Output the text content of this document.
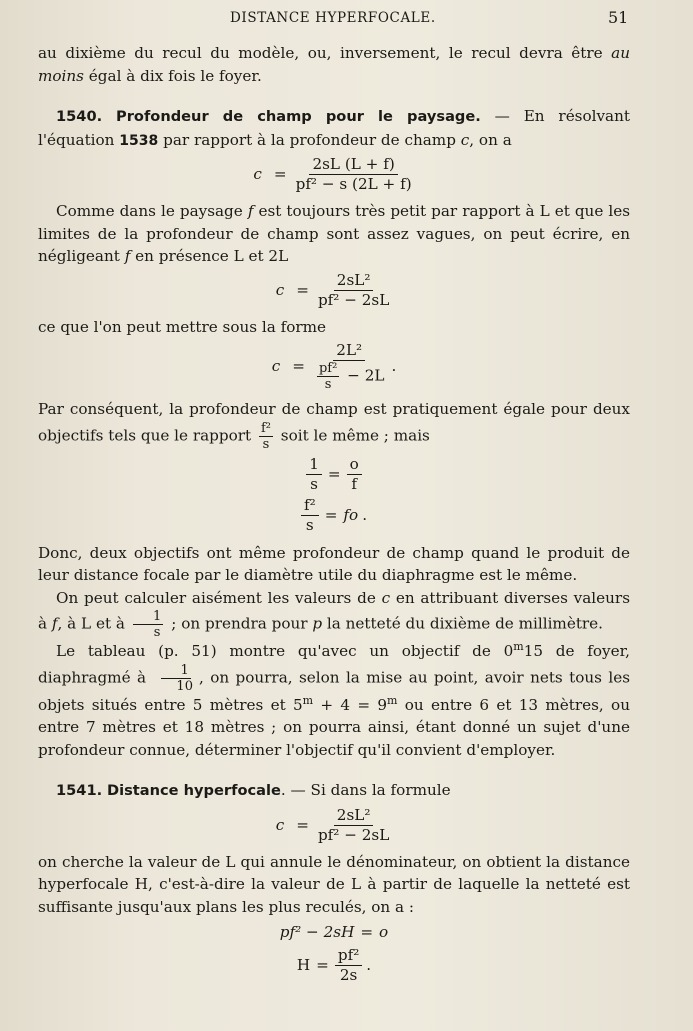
DISTANCE HYPERFOCALE.	51

au dixième du recul du modèle, ou, inversement, le recul devra être au moins égal à dix fois le foyer.

1540. Profondeur de champ pour le paysage. — En résolvant l'équation 1538 par rapport à la profondeur de champ c, on a

$c = \frac{2sL (L + f)}{\text{pf² − s (2L + f)}}$

Comme dans le paysage f est toujours très petit par rapport à L et que les limites de la profondeur de champ sont assez vagues, on peut écrire, en négligeant f en présence L et 2L

$c = \frac{\text{2sL²}}{\text{pf² − 2sL}}$

ce que l'on peut mettre sous la forme

$c = \frac{\text{2L²}}{\frac{\text{pf²}}{s} - 2L}$ .

Par conséquent, la profondeur de champ est pratiquement égale pour deux objectifs tels que le rapport $\frac{\text{f²}}{s}$ soit le même ; mais

$\frac{1}{s} = \frac{o}{f}$
$\frac{\text{f²}}{s}$ = fo .

Donc, deux objectifs ont même profondeur de champ quand le produit de leur distance focale par le diamètre utile du diaphragme est le même.

On peut calculer aisément les valeurs de c en attribuant diverses valeurs à f, à L et à $\frac{1}{s}$ ; on prendra pour p la netteté du dixième de millimètre.

Le tableau (p. 51) montre qu'avec un objectif de 0$^m$15 de foyer, diaphragmé à $\frac{1}{10}$ , on pourra, selon la mise au point, avoir nets tous les objets situés entre 5 mètres et $5^m + 4 = 9^m$ ou entre 6 et 13 mètres, ou entre 7 mètres et 18 mètres ; on pourra ainsi, étant donné un sujet d'une profondeur connue, déterminer l'objectif qu'il convient d'employer.

1541. Distance hyperfocale. — Si dans la formule

$c = \frac{\text{2sL²}}{\text{pf² − 2sL}}$

on cherche la valeur de L qui annule le dénominateur, on obtient la distance hyperfocale H, c'est-à-dire la valeur de L à partir de laquelle la netteté est suffisante jusqu'aux plans les plus reculés, on a :

pf² − 2sH = o
$H = \frac{\text{pf²}}{2s}$ .
